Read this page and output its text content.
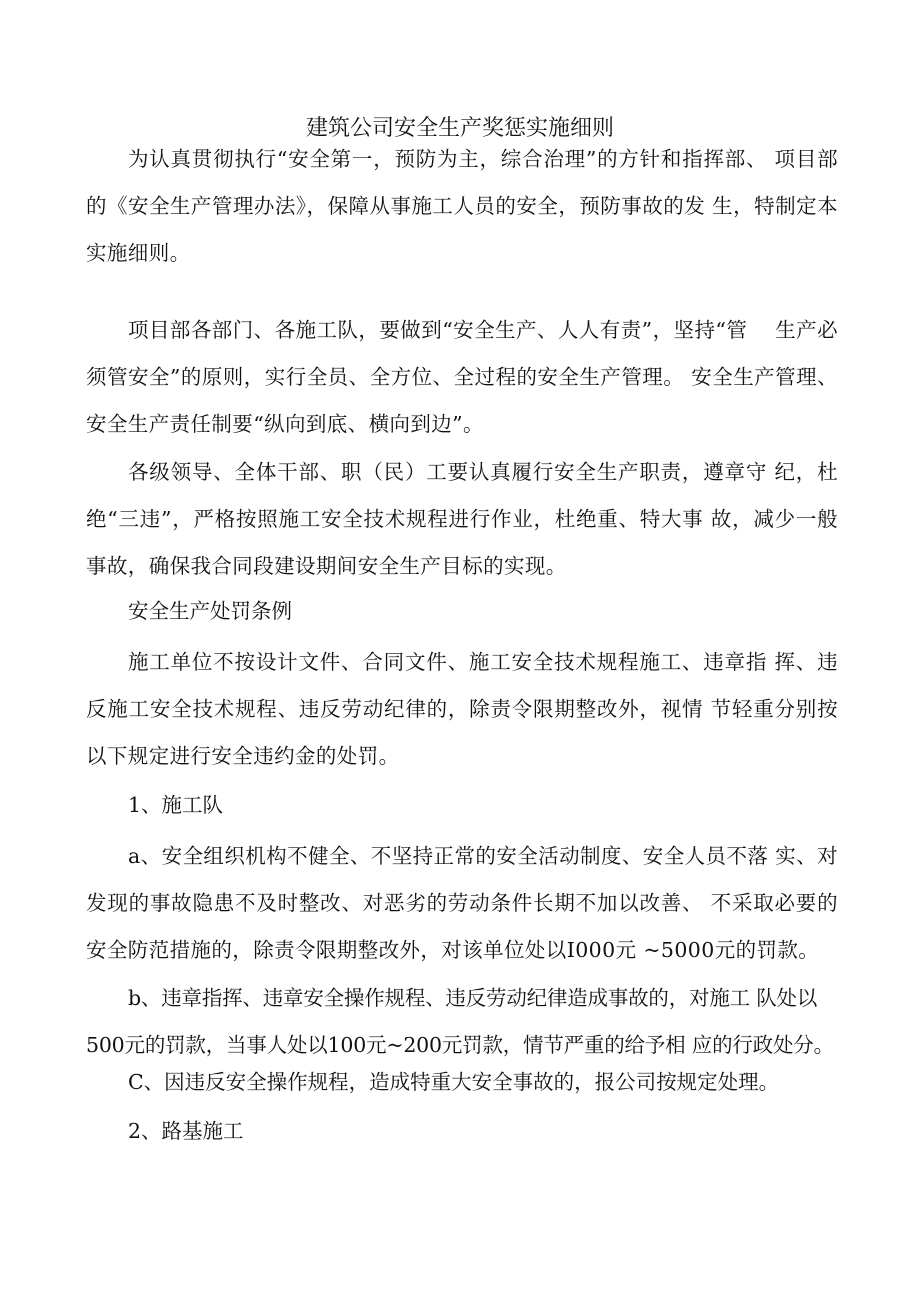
建筑公司安全生产奖惩实施细则

为认真贯彻执行“安全第一，预防为主，综合治理”的方针和指挥部、 项目部的《安全生产管理办法》，保障从事施工人员的安全，预防事故的发 生，特制定本实施细则。

项目部各部门、各施工队，要做到“安全生产、人人有责”，坚持“管　 生产必须管安全”的原则，实行全员、全方位、全过程的安全生产管理。 安全生产管理、安全生产责任制要“纵向到底、横向到边”。

各级领导、全体干部、职（民）工要认真履行安全生产职责，遵章守 纪，杜绝“三违”，严格按照施工安全技术规程进行作业，杜绝重、特大事 故，减少一般事故，确保我合同段建设期间安全生产目标的实现。

安全生产处罚条例

施工单位不按设计文件、合同文件、施工安全技术规程施工、违章指 挥、违反施工安全技术规程、违反劳动纪律的，除责令限期整改外，视情 节轻重分别按以下规定进行安全违约金的处罚。

1、施工队

a、安全组织机构不健全、不坚持正常的安全活动制度、安全人员不落 实、对发现的事故隐患不及时整改、对恶劣的劳动条件长期不加以改善、 不采取必要的安全防范措施的，除责令限期整改外，对该单位处以I000元 ~5000元的罚款。

b、违章指挥、违章安全操作规程、违反劳动纪律造成事故的，对施工 队处以500元的罚款，当事人处以100元~200元罚款，情节严重的给予相 应的行政处分。

C、因违反安全操作规程，造成特重大安全事故的，报公司按规定处理。

2、路基施工
